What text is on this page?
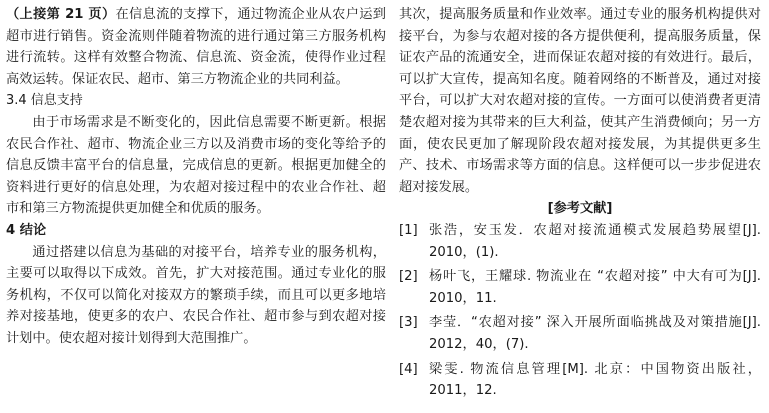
（上接第 21 页）在信息流的支撑下，通过物流企业从农户运到超市进行销售。资金流则伴随着物流的进行通过第三方服务机构进行流转。这样有效整合物流、信息流、资金流，使得作业过程高效运转。保证农民、超市、第三方物流企业的共同利益。

3.4 信息支持

由于市场需求是不断变化的，因此信息需要不断更新。根据农民合作社、超市、物流企业三方以及消费市场的变化等给予的信息反馈丰富平台的信息量，完成信息的更新。根据更加健全的资料进行更好的信息处理，为农超对接过程中的农业合作社、超市和第三方物流提供更加健全和优质的服务。

4 结论

通过搭建以信息为基础的对接平台，培养专业的服务机构，主要可以取得以下成效。首先，扩大对接范围。通过专业化的服务机构，不仅可以简化对接双方的繁琐手续，而且可以更多地培养对接基地，使更多的农户、农民合作社、超市参与到农超对接计划中。使农超对接计划得到大范围推广。

其次，提高服务质量和作业效率。通过专业的服务机构提供对接平台，为参与农超对接的各方提供便利，提高服务质量，保证农产品的流通安全，进而保证农超对接的有效进行。最后，可以扩大宣传，提高知名度。随着网络的不断普及，通过对接平台，可以扩大对农超对接的宣传。一方面可以使消费者更清楚农超对接为其带来的巨大利益，使其产生消费倾向；另一方面，使农民更加了解现阶段农超对接发展，为其提供更多生产、技术、市场需求等方面的信息。这样便可以一步步促进农超对接发展。

[参考文献]

[1] 张浩，安玉发．农超对接流通模式发展趋势展望[J]. 2010，(1).
[2] 杨叶飞，王耀球. 物流业在 “农超对接” 中大有可为[J]. 2010，11.
[3] 李莹．“农超对接” 深入开展所面临挑战及对策措施[J]. 2012，40，(7).
[4] 梁雯. 物流信息管理[M]. 北京：中国物资出版社，2011，12.
